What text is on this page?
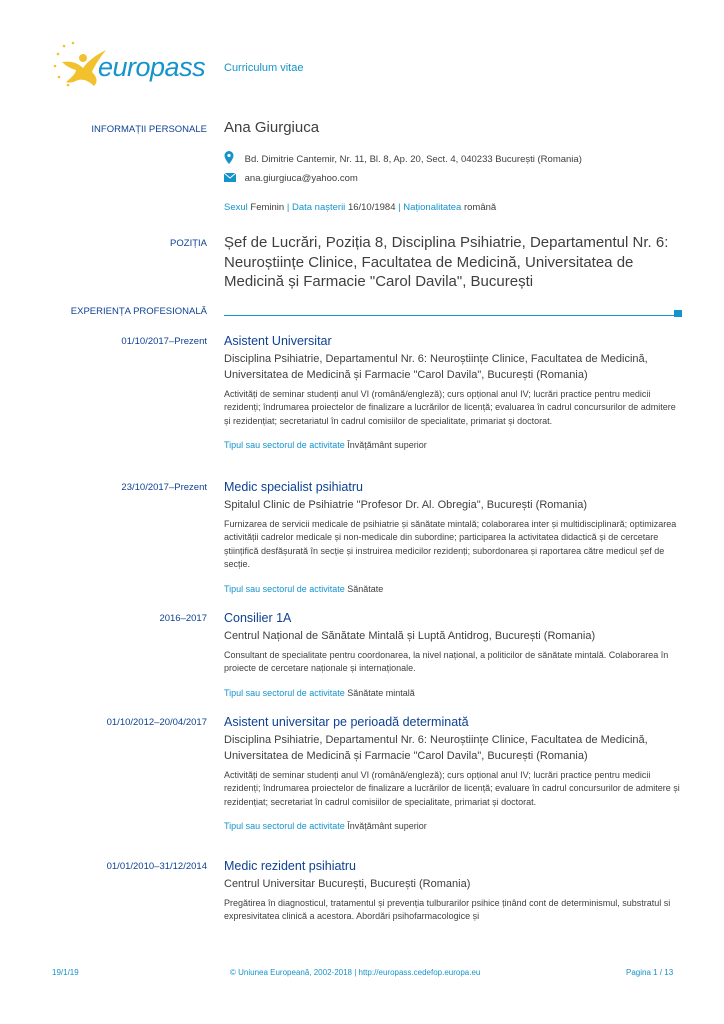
europass Curriculum vitae
INFORMAȚII PERSONALE Ana Giurgiuca
Bd. Dimitrie Cantemir, Nr. 11, Bl. 8, Ap. 20, Sect. 4, 040233 București (Romania)
ana.giurgiuca@yahoo.com
Sexul Feminin | Data nașterii 16/10/1984 | Naționalitatea română
POZIȚIA Șef de Lucrări, Poziția 8, Disciplina Psihiatrie, Departamentul Nr. 6: Neuroștiințe Clinice, Facultatea de Medicină, Universitatea de Medicină și Farmacie "Carol Davila", București
EXPERIENȚA PROFESIONALĂ
01/10/2017–Prezent Asistent Universitar

Disciplina Psihiatrie, Departamentul Nr. 6: Neuroștiințe Clinice, Facultatea de Medicină, Universitatea de Medicină și Farmacie "Carol Davila", București (Romania)

Activități de seminar studenți anul VI (română/engleză); curs opțional anul IV; lucrări practice pentru medicii rezidenți; îndrumarea proiectelor de finalizare a lucrărilor de licență; evaluarea în cadrul concursurilor de admitere și rezidențiat; secretariatul în cadrul comisiilor de specialitate, primariat și doctorat.

Tipul sau sectorul de activitate Învățământ superior

23/10/2017–Prezent Medic specialist psihiatru

Spitalul Clinic de Psihiatrie "Profesor Dr. Al. Obregia", București (Romania)

Furnizarea de servicii medicale de psihiatrie și sănătate mintală; colaborarea inter și multidisciplinară; optimizarea activității cadrelor medicale și non-medicale din subordine; participarea la activitatea didactică și de cercetare științifică desfășurată în secție și instruirea medicilor rezidenți; subordonarea și raportarea către medicul șef de secție.

Tipul sau sectorul de activitate Sănătate

2016–2017 Consilier 1A

Centrul Național de Sănătate Mintală și Luptă Antidrog, București (Romania)

Consultant de specialitate pentru coordonarea, la nivel național, a politicilor de sănătate mintală. Colaborarea în proiecte de cercetare naționale și internaționale.

Tipul sau sectorul de activitate Sănătate mintală

01/10/2012–20/04/2017 Asistent universitar pe perioadă determinată

Disciplina Psihiatrie, Departamentul Nr. 6: Neuroștiințe Clinice, Facultatea de Medicină, Universitatea de Medicină și Farmacie "Carol Davila", București (Romania)

Activități de seminar studenți anul VI (română/engleză); curs opțional anul IV; lucrări practice pentru medicii rezidenți; îndrumarea proiectelor de finalizare a lucrărilor de licență; evaluare în cadrul concursurilor de admitere și rezidențiat; secretariat în cadrul comisiilor de specialitate, primariat și doctorat.

Tipul sau sectorul de activitate Învățământ superior

01/01/2010–31/12/2014 Medic rezident psihiatru

Centrul Universitar București, București (Romania)

Pregătirea în diagnosticul, tratamentul și prevenția tulburarilor psihice ținând cont de determinismul, substratul si expresivitatea clinică a acestora. Abordări psihofarmacologice și

19/1/19	© Uniunea Europeană, 2002-2018 | http://europass.cedefop.europa.eu	Pagina 1 / 13
